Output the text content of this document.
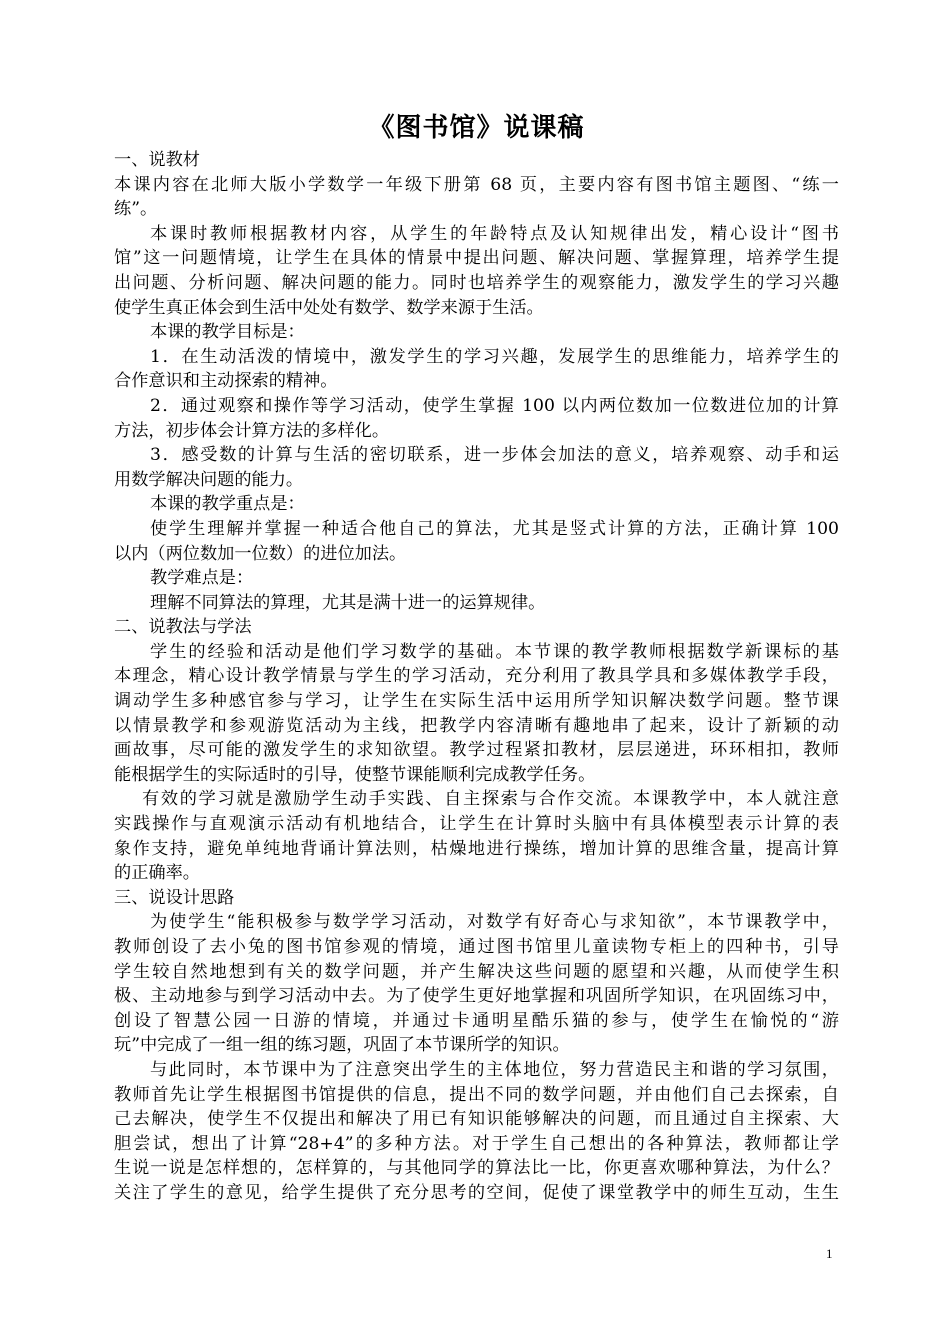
《图书馆》说课稿
一、说教材
本课内容在北师大版小学数学一年级下册第 68 页，主要内容有图书馆主题图、“练一
练”。
本课时教师根据教材内容，从学生的年龄特点及认知规律出发，精心设计“图书
馆”这一问题情境，让学生在具体的情景中提出问题、解决问题、掌握算理，培养学生提
出问题、分析问题、解决问题的能力。同时也培养学生的观察能力，激发学生的学习兴趣
使学生真正体会到生活中处处有数学、数学来源于生活。
本课的教学目标是：
1．在生动活泼的情境中，激发学生的学习兴趣，发展学生的思维能力，培养学生的
合作意识和主动探索的精神。
2．通过观察和操作等学习活动，使学生掌握 100 以内两位数加一位数进位加的计算
方法，初步体会计算方法的多样化。
3．感受数的计算与生活的密切联系，进一步体会加法的意义，培养观察、动手和运
用数学解决问题的能力。
本课的教学重点是：
使学生理解并掌握一种适合他自己的算法，尤其是竖式计算的方法，正确计算 100
以内（两位数加一位数）的进位加法。
教学难点是：
理解不同算法的算理，尤其是满十进一的运算规律。
二、说教法与学法
学生的经验和活动是他们学习数学的基础。本节课的教学教师根据数学新课标的基
本理念，精心设计教学情景与学生的学习活动，充分利用了教具学具和多媒体教学手段，
调动学生多种感官参与学习，让学生在实际生活中运用所学知识解决数学问题。整节课
以情景教学和参观游览活动为主线，把教学内容清晰有趣地串了起来，设计了新颖的动
画故事，尽可能的激发学生的求知欲望。教学过程紧扣教材，层层递进，环环相扣，教师
能根据学生的实际适时的引导，使整节课能顺利完成教学任务。
有效的学习就是激励学生动手实践、自主探索与合作交流。本课教学中，本人就注意
实践操作与直观演示活动有机地结合，让学生在计算时头脑中有具体模型表示计算的表
象作支持，避免单纯地背诵计算法则，枯燥地进行操练，增加计算的思维含量，提高计算
的正确率。
三、说设计思路
为使学生“能积极参与数学学习活动，对数学有好奇心与求知欲”，本节课教学中，
教师创设了去小兔的图书馆参观的情境，通过图书馆里儿童读物专柜上的四种书，引导
学生较自然地想到有关的数学问题，并产生解决这些问题的愿望和兴趣，从而使学生积
极、主动地参与到学习活动中去。为了使学生更好地掌握和巩固所学知识，在巩固练习中，
创设了智慧公园一日游的情境，并通过卡通明星酷乐猫的参与，使学生在愉悦的“游
玩”中完成了一组一组的练习题，巩固了本节课所学的知识。
与此同时，本节课中为了注意突出学生的主体地位，努力营造民主和谐的学习氛围，
教师首先让学生根据图书馆提供的信息，提出不同的数学问题，并由他们自己去探索，自
己去解决，使学生不仅提出和解决了用已有知识能够解决的问题，而且通过自主探索、大
胆尝试，想出了计算“28+4”的多种方法。对于学生自己想出的各种算法，教师都让学
生说一说是怎样想的，怎样算的，与其他同学的算法比一比，你更喜欢哪种算法，为什么？
关注了学生的意见，给学生提供了充分思考的空间，促使了课堂教学中的师生互动，生生
1
